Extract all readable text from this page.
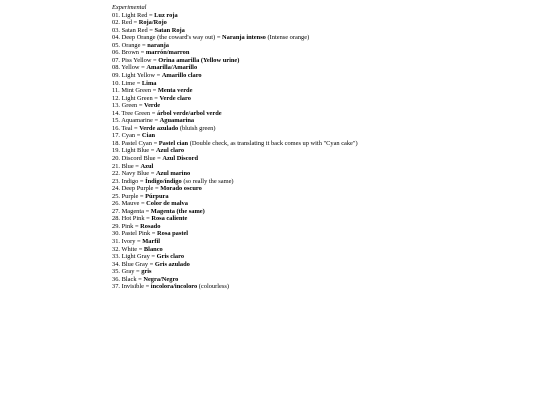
Experimental
01. Light Red = Luz roja
02. Red = Roja/Rojo
03. Satan Red = Satan Roja
04. Deep Orange (the coward's way out) = Naranja intenso (Intense orange)
05. Orange = naranja
06. Brown = marrón/marron
07. Piss Yellow = Orina amarilla (Yellow urine)
08. Yellow = Amarilla/Amarillo
09. Light Yellow = Amarillo claro
10. Lime = Lima
11. Mint Green = Menta verde
12. Light Green = Verde claro
13. Green = Verde
14. Tree Green = árbol verde/arbol verde
15. Aquamarine = Aguamarina
16. Teal = Verde azulado (bluish green)
17. Cyan = Cian
18. Pastel Cyan = Pastel cian (Double check, as translating it back comes up with "Cyan cake")
19. Light Blue = Azul claro
20. Discord Blue = Azul Discord
21. Blue = Azul
22. Navy Blue = Azul marino
23. Indigo = Índigo/índigo (so really the same)
24. Deep Purple = Morado oscuro
25. Purple = Púrpura
26. Mauve = Color de malva
27. Magenta = Magenta (the same)
28. Hot Pink = Rosa caliente
29. Pink = Rosado
30. Pastel Pink = Rosa pastel
31. Ivory = Marfil
32. White = Blanco
33. Light Gray = Gris claro
34. Blue Gray = Gris azulado
35. Gray = gris
36. Black = Negra/Negro
37. Invisible = incolora/incoloro (colourless)
